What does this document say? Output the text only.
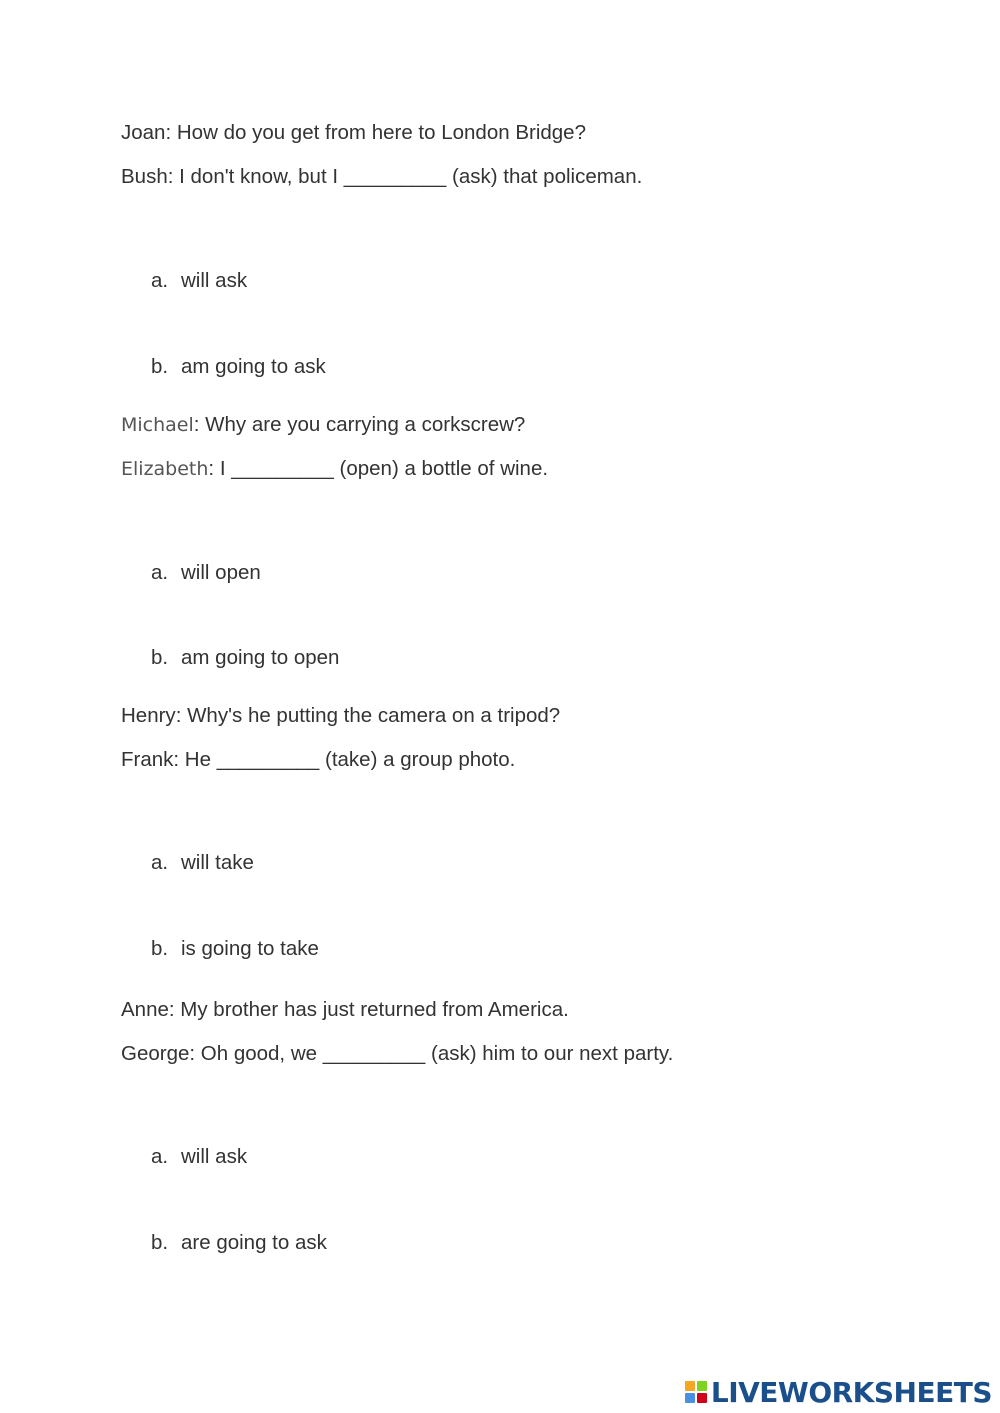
Joan: How do you get from here to London Bridge?
Bush: I don't know, but I _________ (ask) that policeman.
a. will ask
b. am going to ask
Michael: Why are you carrying a corkscrew?
Elizabeth: I _________ (open) a bottle of wine.
a. will open
b. am going to open
Henry: Why's he putting the camera on a tripod?
Frank: He _________ (take) a group photo.
a. will take
b. is going to take
Anne: My brother has just returned from America.
George: Oh good, we _________ (ask) him to our next party.
a. will ask
b. are going to ask
LIVEWORKSHEETS
